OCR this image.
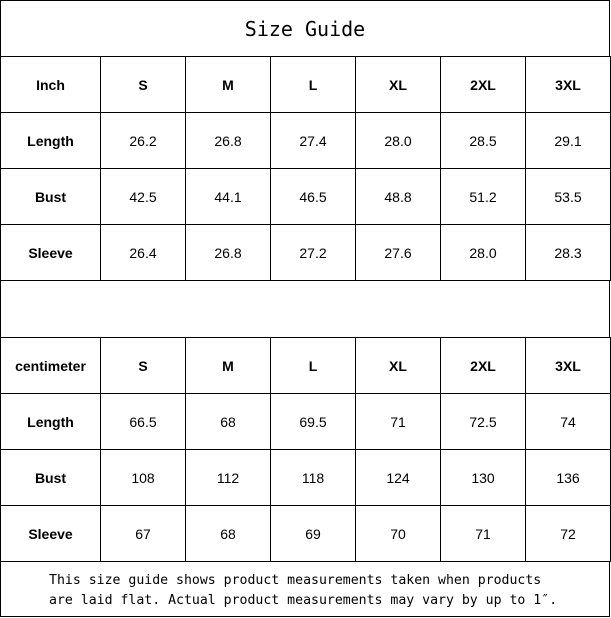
Size Guide
Inch	S	M	L	XL	2XL	3XL
Length	26.2	26.8	27.4	28.0	28.5	29.1
Bust	42.5	44.1	46.5	48.8	51.2	53.5
Sleeve	26.4	26.8	27.2	27.6	28.0	28.3
centimeter	S	M	L	XL	2XL	3XL
Length	66.5	68	69.5	71	72.5	74
Bust	108	112	118	124	130	136
Sleeve	67	68	69	70	71	72
This size guide shows product measurements taken when products
are laid flat. Actual product measurements may vary by up to 1″.
